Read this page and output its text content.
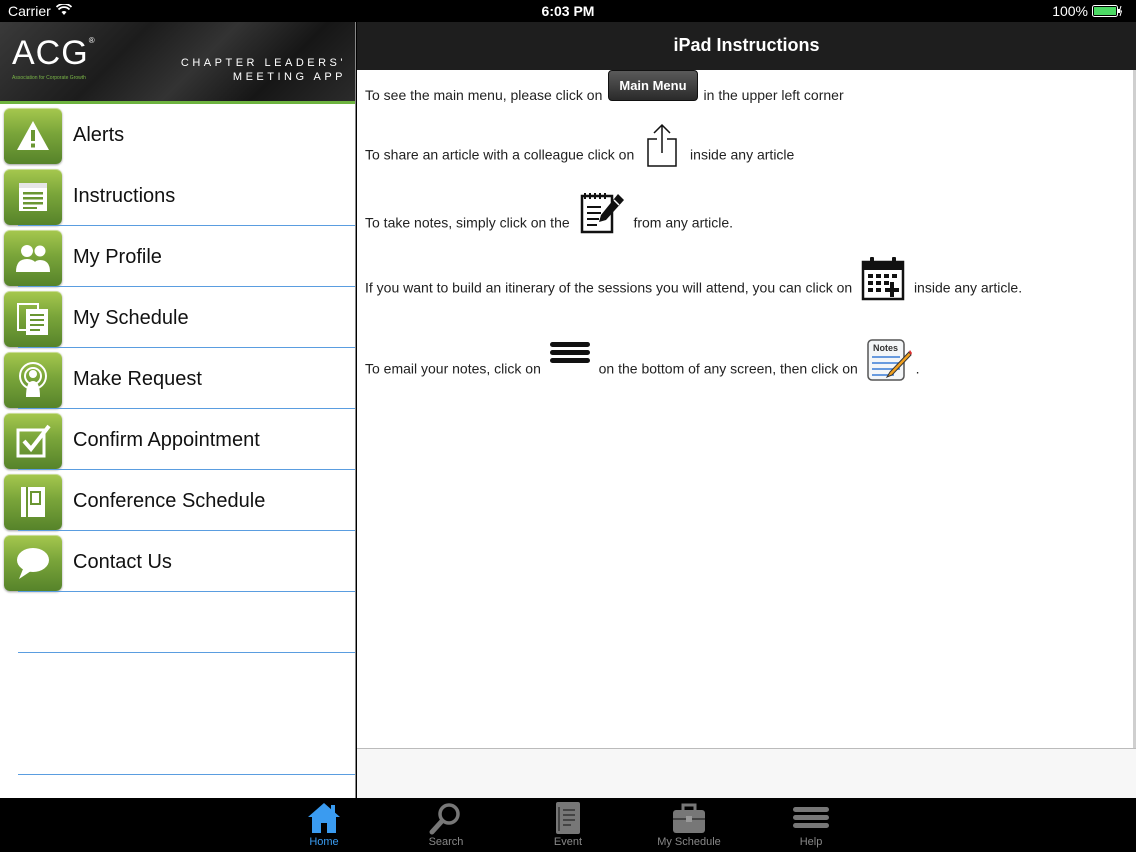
Carrier	6:03 PM	100%
ACG®
Association for Corporate Growth
CHAPTER LEADERS'
MEETING APP
Alerts
Instructions
My Profile
My Schedule
Make Request
Confirm Appointment
Conference Schedule
Contact Us
iPad Instructions
To see the main menu, please click onMain Menuin the upper left corner
To share an article with a colleague click on	inside any article
To take notes, simply click on the	from any article.
If you want to build an itinerary of the sessions you will attend, you can click on	inside any article.
To email your notes, click on	on the bottom of any screen, then click on
Notes
.
Home	Search	Event	My Schedule	Help
